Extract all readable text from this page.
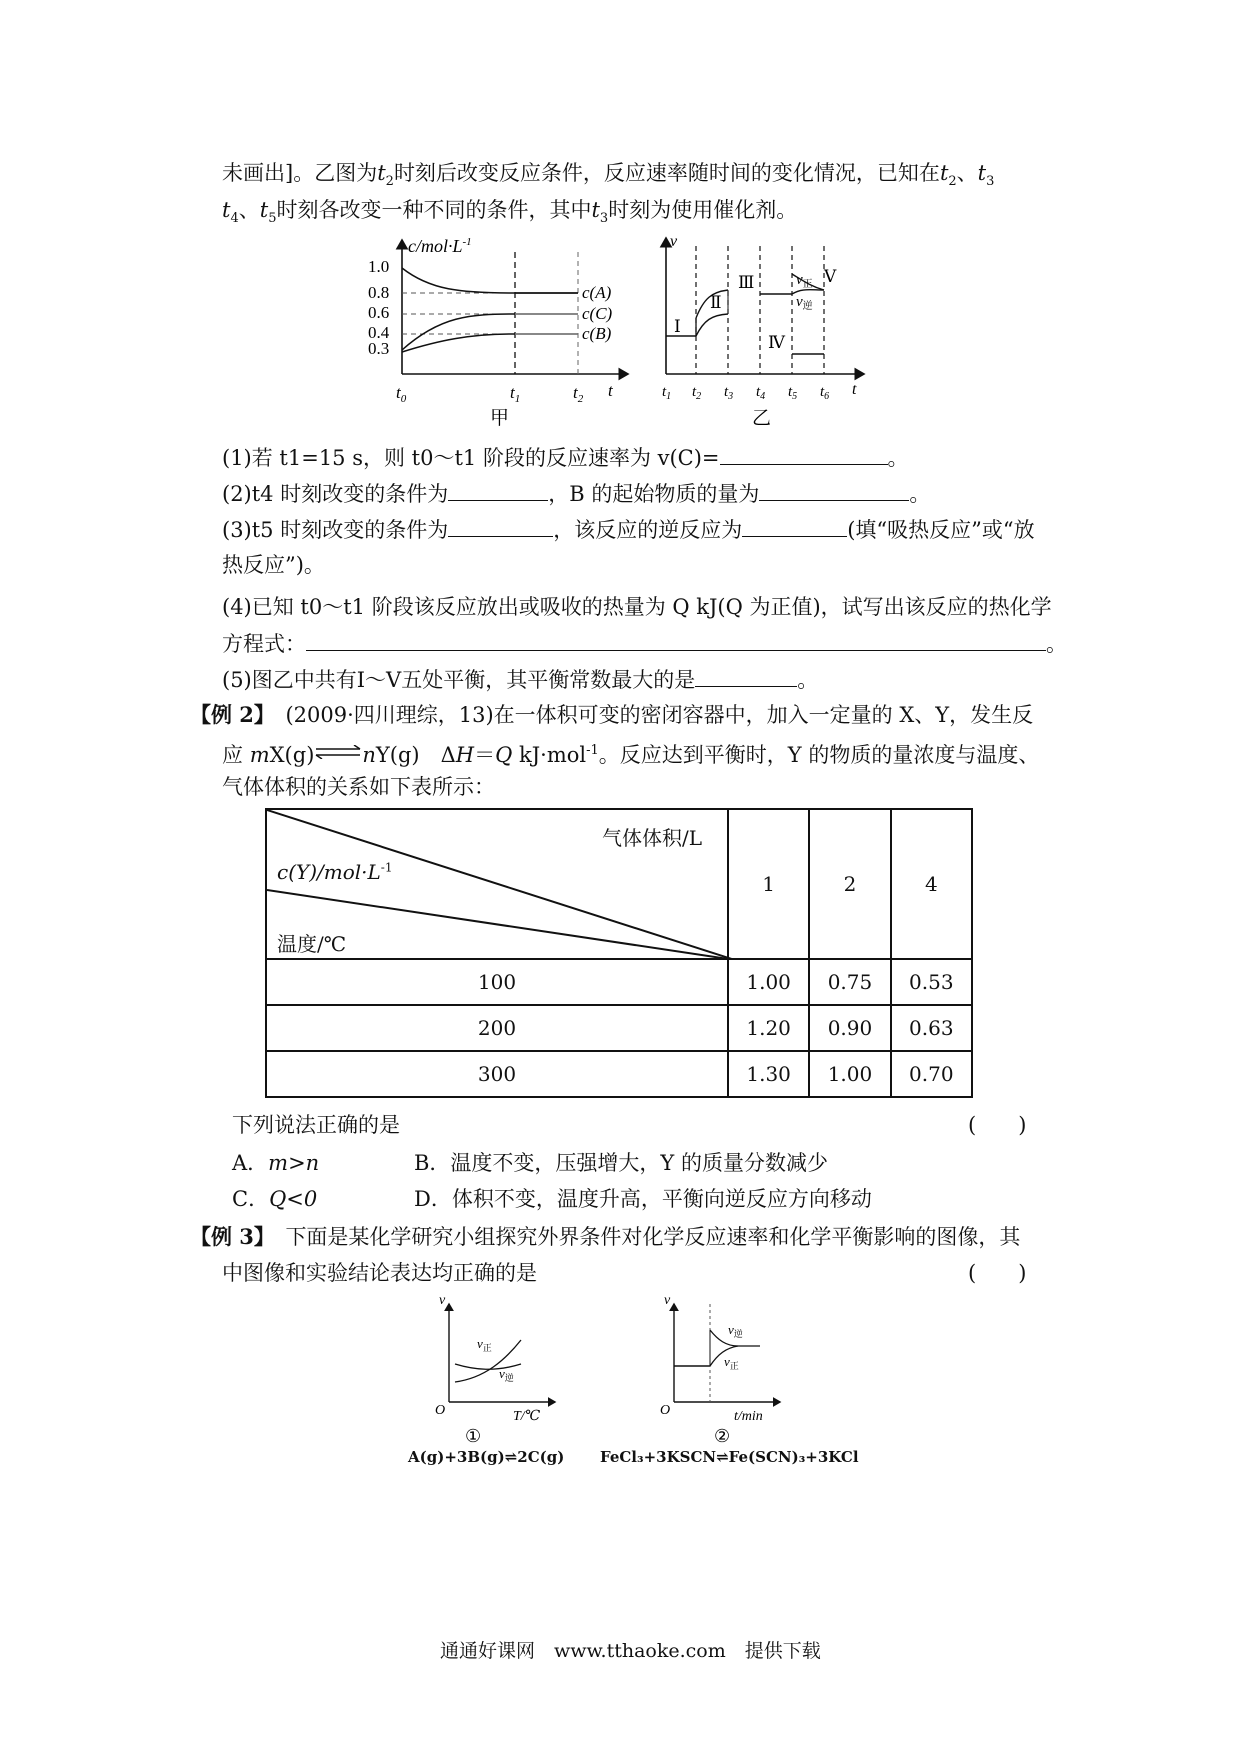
未画出]。乙图为$t_2$时刻后改变反应条件，反应速率随时间的变化情况，已知在$t_2$、$t_3$
$t_4$、$t_5$时刻各改变一种不同的条件，其中$t_3$时刻为使用催化剂。
$c/mol\cdot L^{-1}$
1.0
0.8
0.6
0.4
0.3
c(A)
c(C)
c(B)
$t_0$	$t_1$	$t_2$ t
甲
v
Ⅰ
Ⅱ
Ⅲ
Ⅳ
Ⅴ
$v_正$
$v_逆$
$t_1$ $t_2$ $t_3$ $t_4$ $t_5$ $t_6$ t
乙
(1)若 t1=15 s，则 t0～t1 阶段的反应速率为 v(C)=	。
(2)t4 时刻改变的条件为	，B 的起始物质的量为	。
(3)t5 时刻改变的条件为	，该反应的逆反应为	(填“吸热反应”或“放
热反应”)。
(4)已知 t0～t1 阶段该反应放出或吸收的热量为 Q kJ(Q 为正值)，试写出该反应的热化学
方程式：	。
(5)图乙中共有Ⅰ～Ⅴ五处平衡，其平衡常数最大的是	。
【例 2】　 (2009·四川理综，13)在一体积可变的密闭容器中，加入一定量的 X、Y，发生反
应 mX(g)⇌nY(g)　ΔH＝Q kJ·mol$^{-1}$。反应达到平衡时，Y 的物质的量浓度与温度、
气体体积的关系如下表所示：
气体体积/L
$c(Y)/mol\cdot L^{-1}$
温度/℃	1	2	4
100	1.00	0.75	0.53
200	1.20	0.90	0.63
300	1.30	1.00	0.70
下列说法正确的是	(　　)
A．m>n	B．温度不变，压强增大，Y 的质量分数减少
C．Q<0	D．体积不变，温度升高，平衡向逆反应方向移动
【例 3】　 下面是某化学研究小组探究外界条件对化学反应速率和化学平衡影响的图像，其
中图像和实验结论表达均正确的是	(　　)
v
O	T/℃
$v_正$
$v_逆$
①
A(g)+3B(g)⇌2C(g)
v
O	t/min
$v_逆$
$v_正$
②
FeCl₃+3KSCN⇌Fe(SCN)₃+3KCl
通通好课网　www.tthaoke.com　提供下载
